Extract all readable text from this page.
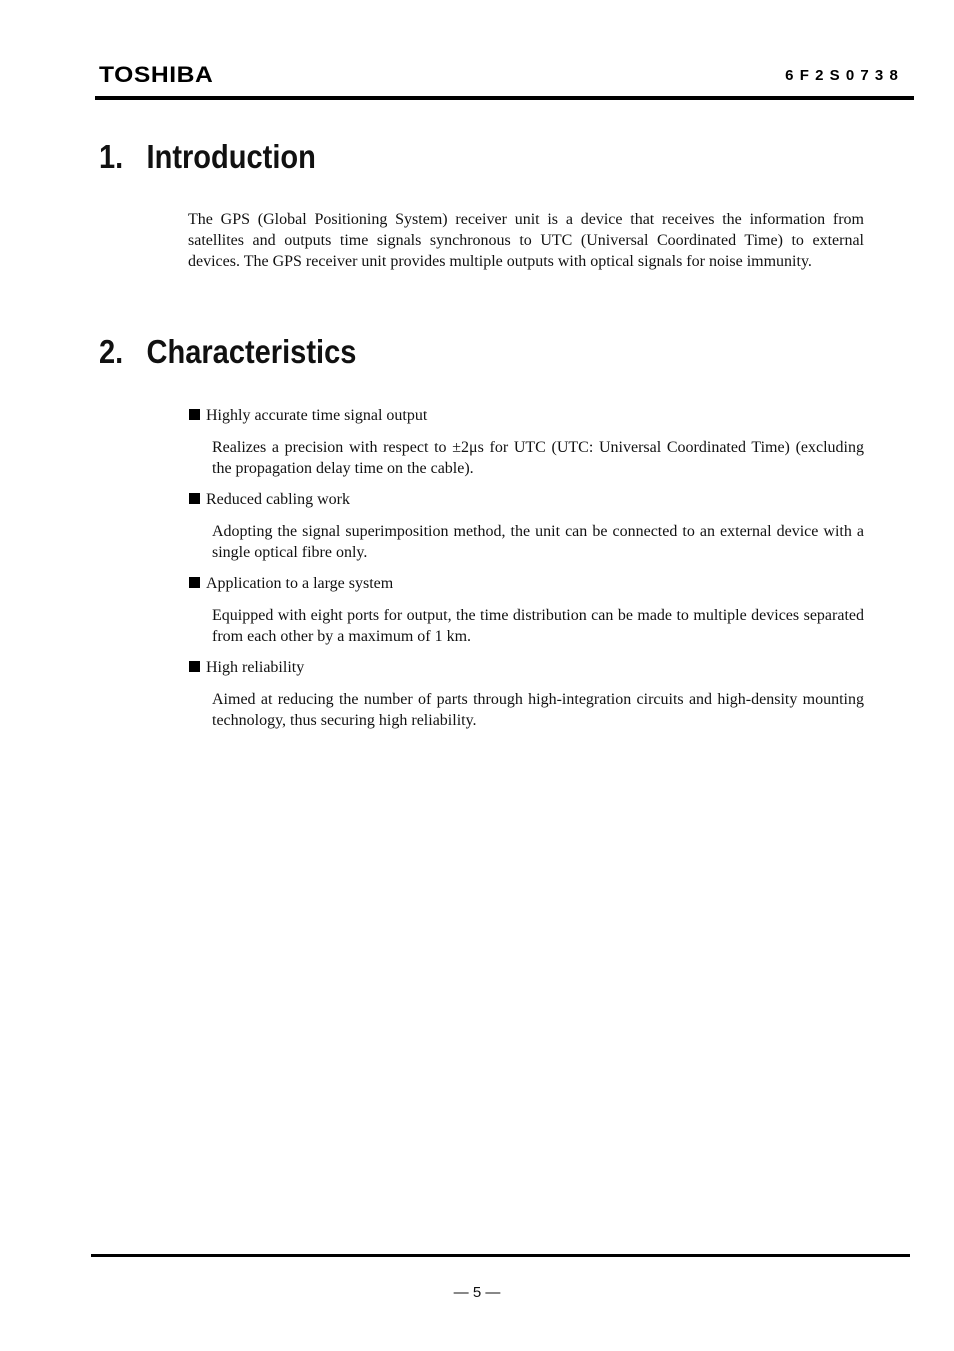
TOSHIBA	6F2S0738
1. Introduction

The GPS (Global Positioning System) receiver unit is a device that receives the information from satellites and outputs time signals synchronous to UTC (Universal Coordinated Time) to external devices. The GPS receiver unit provides multiple outputs with optical signals for noise immunity.

2. Characteristics
Highly accurate time signal output

Realizes a precision with respect to ±2μs for UTC (UTC: Universal Coordinated Time) (excluding the propagation delay time on the cable).

Reduced cabling work

Adopting the signal superimposition method, the unit can be connected to an external device with a single optical fibre only.

Application to a large system

Equipped with eight ports for output, the time distribution can be made to multiple devices separated from each other by a maximum of 1 km.

High reliability

Aimed at reducing the number of parts through high-integration circuits and high-density mounting technology, thus securing high reliability.

— 5 —
